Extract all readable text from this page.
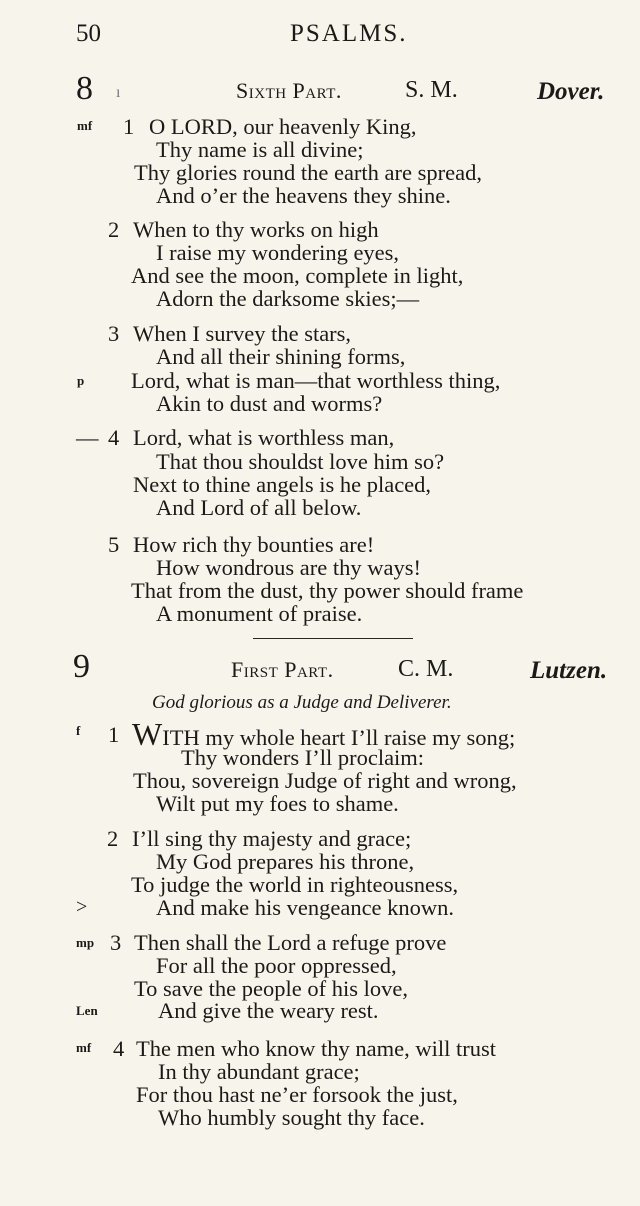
50	PSALMS.
8 ı	Sixth Part.	S. M.	Dover.
mf 1 O LORD, our heavenly King,
Thy name is all divine;
Thy glories round the earth are spread,
And o’er the heavens they shine.
2 When to thy works on high
I raise my wondering eyes,
And see the moon, complete in light,
Adorn the darksome skies;—
3 When I survey the stars,
And all their shining forms,
p Lord, what is man—that worthless thing,
Akin to dust and worms?
— 4 Lord, what is worthless man,
That thou shouldst love him so?
Next to thine angels is he placed,
And Lord of all below.
5 How rich thy bounties are!
How wondrous are thy ways!
That from the dust, thy power should frame
A monument of praise.
9	First Part.	C. M.	Lutzen.
God glorious as a Judge and Deliverer.
f 1 WITH my whole heart I’ll raise my song;
Thy wonders I’ll proclaim:
Thou, sovereign Judge of right and wrong,
Wilt put my foes to shame.
2 I’ll sing thy majesty and grace;
My God prepares his throne,
To judge the world in righteousness,
>	And make his vengeance known.
mp 3 Then shall the Lord a refuge prove
For all the poor oppressed,
To save the people of his love,
Len	And give the weary rest.
mf 4 The men who know thy name, will trust
In thy abundant grace;
For thou hast ne’er forsook the just,
Who humbly sought thy face.
